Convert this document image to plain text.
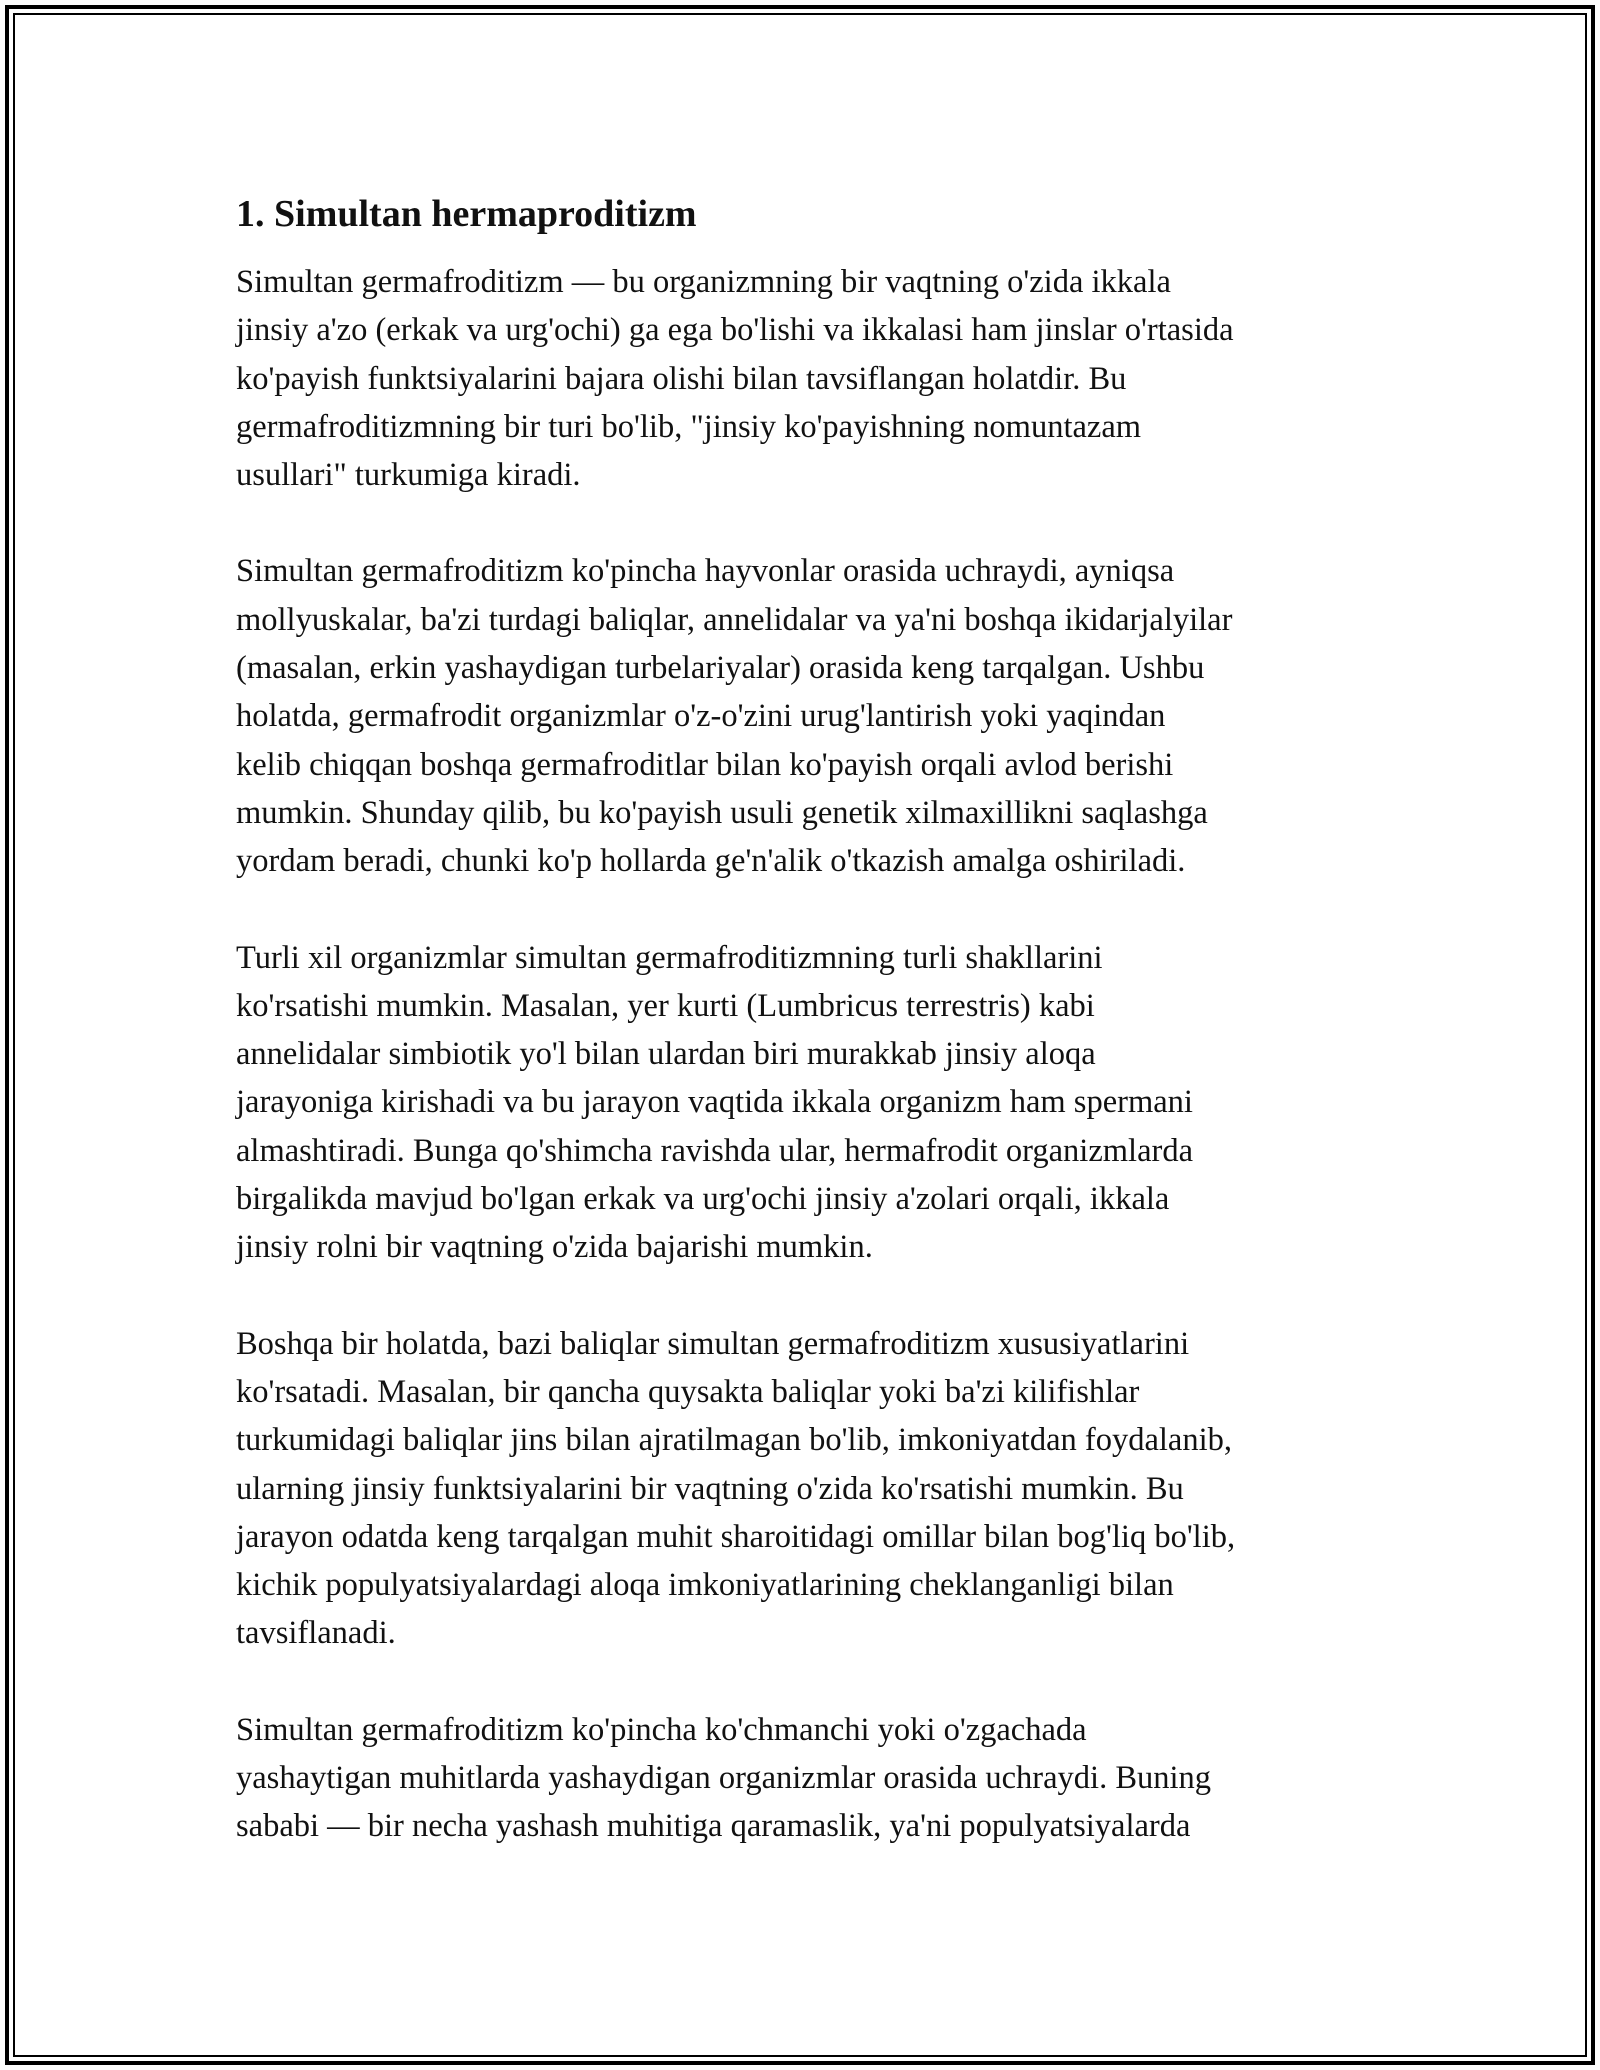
1. Simultan hermaproditizm

Simultan germafroditizm — bu organizmning bir vaqtning o'zida ikkala
jinsiy a'zo (erkak va urg'ochi) ga ega bo'lishi va ikkalasi ham jinslar o'rtasida
ko'payish funktsiyalarini bajara olishi bilan tavsiflangan holatdir. Bu
germafroditizmning bir turi bo'lib, "jinsiy ko'payishning nomuntazam
usullari" turkumiga kiradi.

Simultan germafroditizm ko'pincha hayvonlar orasida uchraydi, ayniqsa
mollyuskalar, ba'zi turdagi baliqlar, annelidalar va ya'ni boshqa ikidarjalyilar
(masalan, erkin yashaydigan turbelariyalar) orasida keng tarqalgan. Ushbu
holatda, germafrodit organizmlar o'z-o'zini urug'lantirish yoki yaqindan
kelib chiqqan boshqa germafroditlar bilan ko'payish orqali avlod berishi
mumkin. Shunday qilib, bu ko'payish usuli genetik xilmaxillikni saqlashga
yordam beradi, chunki ko'p hollarda ge'n'alik o'tkazish amalga oshiriladi.

Turli xil organizmlar simultan germafroditizmning turli shakllarini
ko'rsatishi mumkin. Masalan, yer kurti (Lumbricus terrestris) kabi
annelidalar simbiotik yo'l bilan ulardan biri murakkab jinsiy aloqa
jarayoniga kirishadi va bu jarayon vaqtida ikkala organizm ham spermani
almashtiradi. Bunga qo'shimcha ravishda ular, hermafrodit organizmlarda
birgalikda mavjud bo'lgan erkak va urg'ochi jinsiy a'zolari orqali, ikkala
jinsiy rolni bir vaqtning o'zida bajarishi mumkin.

Boshqa bir holatda, bazi baliqlar simultan germafroditizm xususiyatlarini
ko'rsatadi. Masalan, bir qancha quysakta baliqlar yoki ba'zi kilifishlar
turkumidagi baliqlar jins bilan ajratilmagan bo'lib, imkoniyatdan foydalanib,
ularning jinsiy funktsiyalarini bir vaqtning o'zida ko'rsatishi mumkin. Bu
jarayon odatda keng tarqalgan muhit sharoitidagi omillar bilan bog'liq bo'lib,
kichik populyatsiyalardagi aloqa imkoniyatlarining cheklanganligi bilan
tavsiflanadi.

Simultan germafroditizm ko'pincha ko'chmanchi yoki o'zgachada
yashaytigan muhitlarda yashaydigan organizmlar orasida uchraydi. Buning
sababi — bir necha yashash muhitiga qaramaslik, ya'ni populyatsiyalarda
